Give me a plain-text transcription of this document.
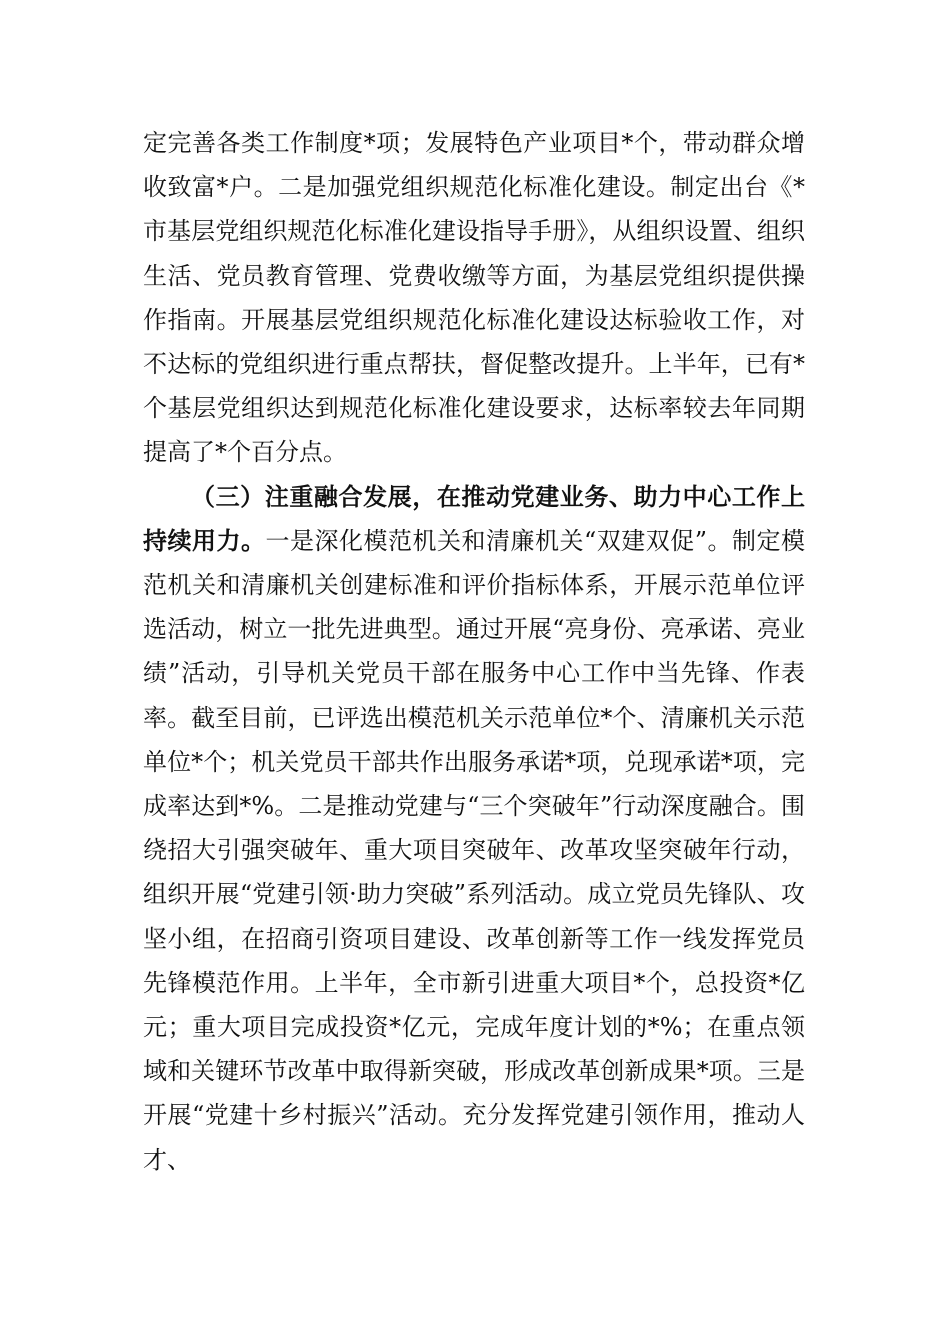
定完善各类工作制度*项；发展特色产业项目*个，带动群众增收致富*户。二是加强党组织规范化标准化建设。制定出台《*市基层党组织规范化标准化建设指导手册》，从组织设置、组织生活、党员教育管理、党费收缴等方面，为基层党组织提供操作指南。开展基层党组织规范化标准化建设达标验收工作，对不达标的党组织进行重点帮扶，督促整改提升。上半年，已有*个基层党组织达到规范化标准化建设要求，达标率较去年同期提高了*个百分点。

（三）注重融合发展，在推动党建业务、助力中心工作上持续用力。一是深化模范机关和清廉机关“双建双促”。制定模范机关和清廉机关创建标准和评价指标体系，开展示范单位评选活动，树立一批先进典型。通过开展“亮身份、亮承诺、亮业绩”活动，引导机关党员干部在服务中心工作中当先锋、作表率。截至目前，已评选出模范机关示范单位*个、清廉机关示范单位*个；机关党员干部共作出服务承诺*项，兑现承诺*项，完成率达到*%。二是推动党建与“三个突破年”行动深度融合。围绕招大引强突破年、重大项目突破年、改革攻坚突破年行动，组织开展“党建引领·助力突破”系列活动。成立党员先锋队、攻坚小组，在招商引资项目建设、改革创新等工作一线发挥党员先锋模范作用。上半年，全市新引进重大项目*个，总投资*亿元；重大项目完成投资*亿元，完成年度计划的*%；在重点领域和关键环节改革中取得新突破，形成改革创新成果*项。三是开展“党建十乡村振兴”活动。充分发挥党建引领作用，推动人才、
